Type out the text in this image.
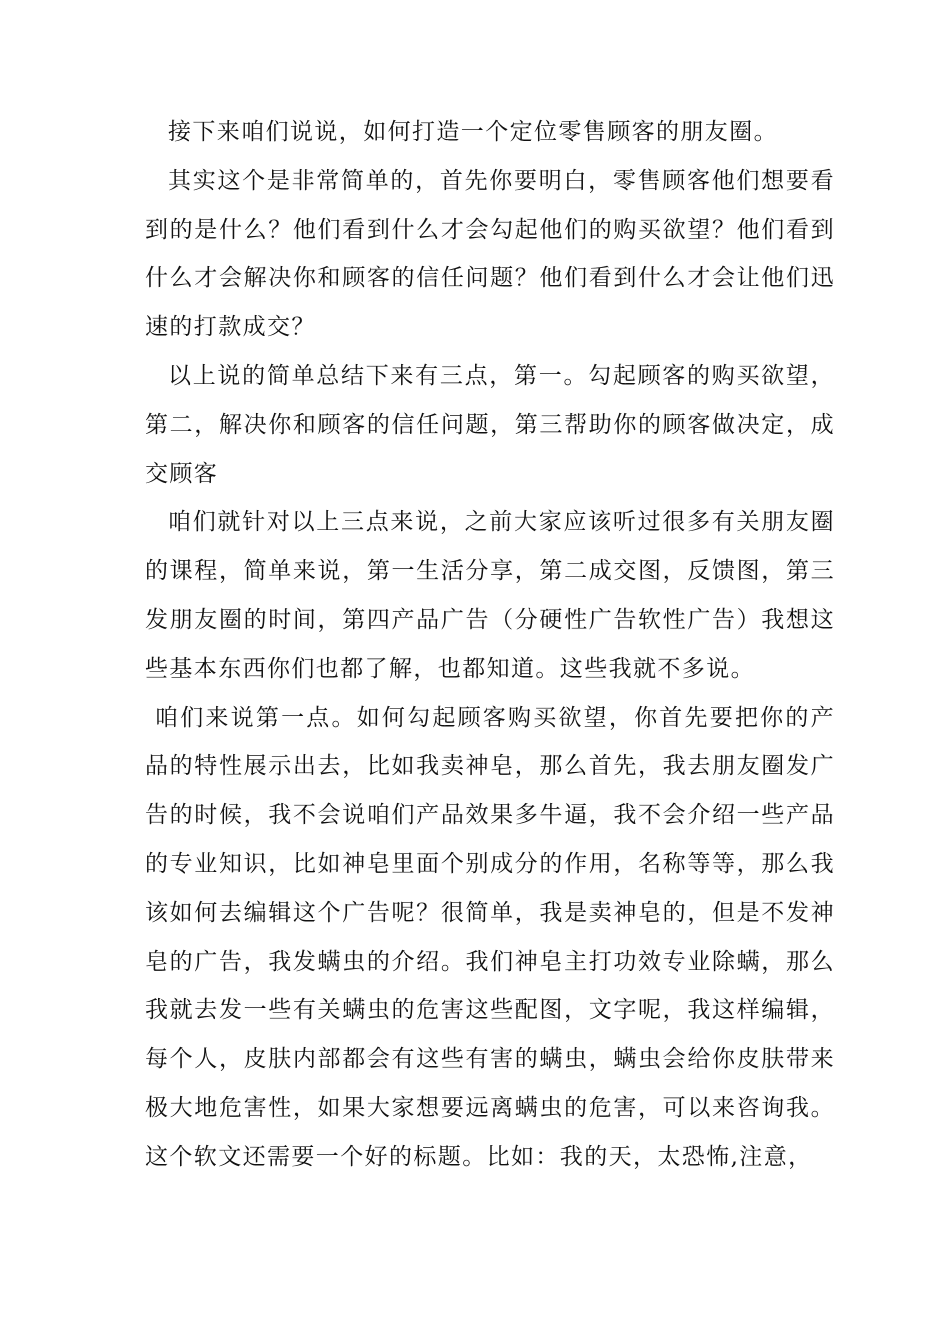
接下来咱们说说，如何打造一个定位零售顾客的朋友圈。

其实这个是非常简单的，首先你要明白，零售顾客他们想要看到的是什么？他们看到什么才会勾起他们的购买欲望？他们看到什么才会解决你和顾客的信任问题？他们看到什么才会让他们迅速的打款成交？

以上说的简单总结下来有三点，第一。勾起顾客的购买欲望，第二，解决你和顾客的信任问题，第三帮助你的顾客做决定，成交顾客

咱们就针对以上三点来说，之前大家应该听过很多有关朋友圈的课程，简单来说，第一生活分享，第二成交图，反馈图，第三发朋友圈的时间，第四产品广告（分硬性广告软性广告）我想这些基本东西你们也都了解，也都知道。这些我就不多说。

咱们来说第一点。如何勾起顾客购买欲望，你首先要把你的产品的特性展示出去，比如我卖神皂，那么首先，我去朋友圈发广告的时候，我不会说咱们产品效果多牛逼，我不会介绍一些产品的专业知识，比如神皂里面个别成分的作用，名称等等，那么我该如何去编辑这个广告呢？很简单，我是卖神皂的，但是不发神皂的广告，我发螨虫的介绍。我们神皂主打功效专业除螨，那么我就去发一些有关螨虫的危害这些配图，文字呢，我这样编辑，每个人，皮肤内部都会有这些有害的螨虫，螨虫会给你皮肤带来极大地危害性，如果大家想要远离螨虫的危害，可以来咨询我。这个软文还需要一个好的标题。比如：我的天，太恐怖,注意，
